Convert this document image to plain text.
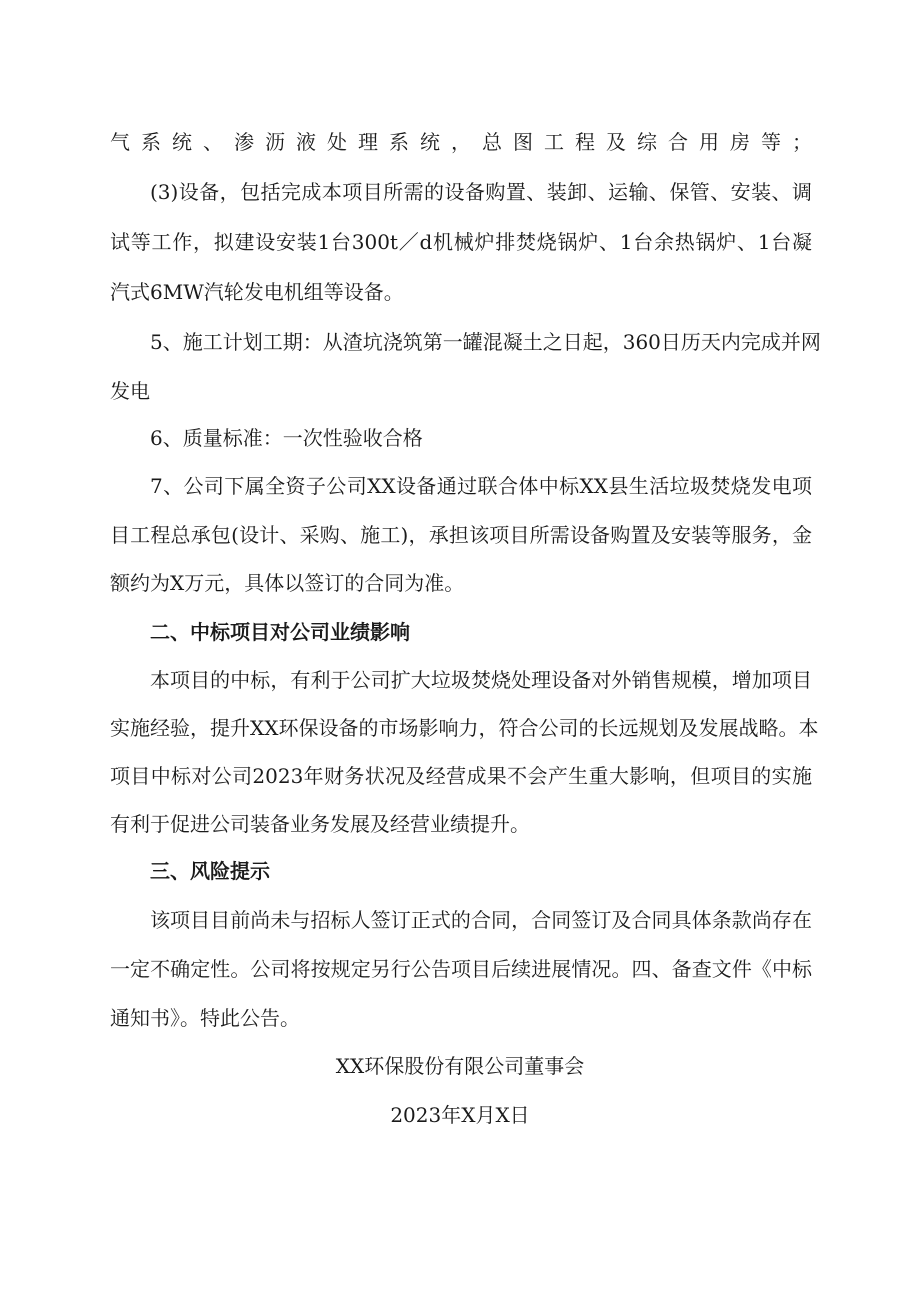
气系统、渗沥液处理系统，总图工程及综合用房等；
(3)设备，包括完成本项目所需的设备购置、装卸、运输、保管、安装、调
试等工作，拟建设安装1台300t／d机械炉排焚烧锅炉、1台余热锅炉、1台凝
汽式6MW汽轮发电机组等设备。
5、施工计划工期：从渣坑浇筑第一罐混凝土之日起，360日历天内完成并网
发电
6、质量标准：一次性验收合格
7、公司下属全资子公司XX设备通过联合体中标XX县生活垃圾焚烧发电项
目工程总承包(设计、采购、施工)，承担该项目所需设备购置及安装等服务，金
额约为X万元，具体以签订的合同为准。
二、中标项目对公司业绩影响
本项目的中标，有利于公司扩大垃圾焚烧处理设备对外销售规模，增加项目
实施经验，提升XX环保设备的市场影响力，符合公司的长远规划及发展战略。本
项目中标对公司2023年财务状况及经营成果不会产生重大影响，但项目的实施
有利于促进公司装备业务发展及经营业绩提升。
三、风险提示
该项目目前尚未与招标人签订正式的合同，合同签订及合同具体条款尚存在
一定不确定性。公司将按规定另行公告项目后续进展情况。四、备查文件《中标
通知书》。特此公告。
XX环保股份有限公司董事会
2023年X月X日
